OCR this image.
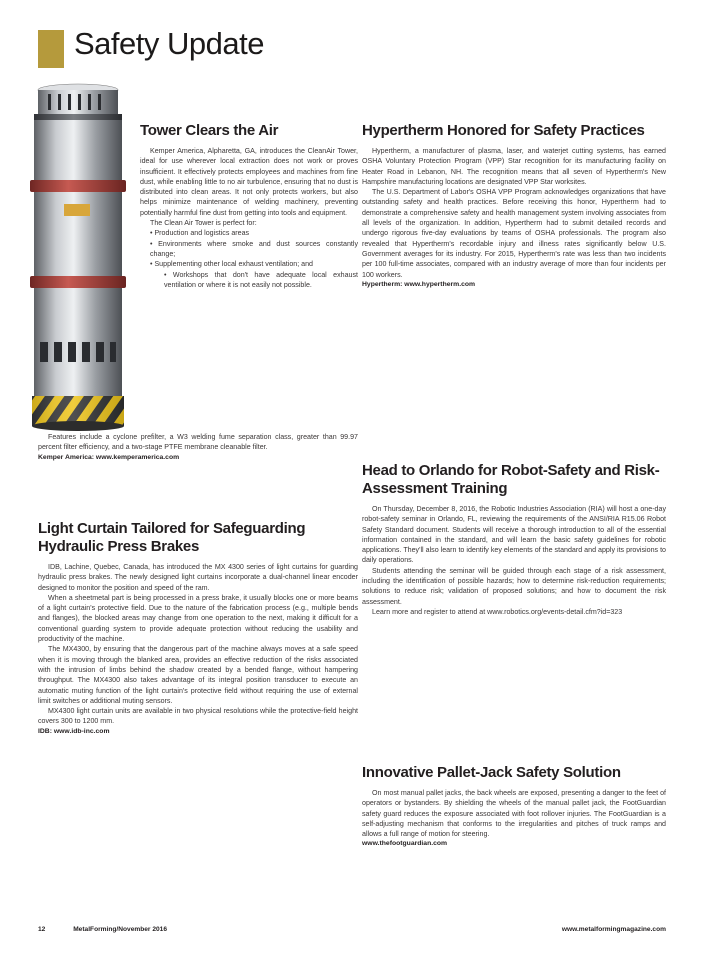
Safety Update
Tower Clears the Air

Kemper America, Alpharetta, GA, introduces the CleanAir Tower, ideal for use wherever local extraction does not work or proves insufficient. It effectively protects employees and machines from fine dust, while enabling little to no air turbulence, ensuring that no dust is distributed into clean areas. It not only protects workers, but also helps minimize maintenance of welding machinery, preventing potentially harmful fine dust from getting into tools and equipment.

The Clean Air Tower is perfect for:

• Production and logistics areas

• Environments where smoke and dust sources constantly change;

• Supplementing other local exhaust ventilation; and

• Workshops that don't have adequate local exhaust ventilation or where it is not easily not possible.

Features include a cyclone prefilter, a W3 welding fume separation class, greater than 99.97 percent filter efficiency, and a two-stage PTFE membrane cleanable filter.

Kemper America: www.kemperamerica.com

Light Curtain Tailored for Safeguarding Hydraulic Press Brakes

IDB, Lachine, Quebec, Canada, has introduced the MX 4300 series of light curtains for guarding hydraulic press brakes. The newly designed light curtains incorporate a dual-channel linear encoder designed to monitor the position and speed of the ram.

When a sheetmetal part is being processed in a press brake, it usually blocks one or more beams of a light curtain's protective field. Due to the nature of the fabrication process (e.g., multiple bends and flanges), the blocked areas may change from one operation to the next, making it difficult for a conventional guarding system to provide adequate protection without reducing the usability and productivity of the machine.

The MX4300, by ensuring that the dangerous part of the machine always moves at a safe speed when it is moving through the blanked area, provides an effective reduction of the risks associated with the intrusion of limbs behind the shadow created by a bended flange, without hampering throughput. The MX4300 also takes advantage of its integral position transducer to execute an automatic muting function of the light curtain's protective field without requiring the use of external limit switches or additional muting sensors.

MX4300 light curtain units are available in two physical resolutions while the protective-field height covers 300 to 1200 mm.

IDB: www.idb-inc.com

Hypertherm Honored for Safety Practices

Hypertherm, a manufacturer of plasma, laser, and waterjet cutting systems, has earned OSHA Voluntary Protection Program (VPP) Star recognition for its manufacturing facility on Heater Road in Lebanon, NH. The recognition means that all seven of Hypertherm's New Hampshire manufacturing locations are designated VPP Star worksites.

The U.S. Department of Labor's OSHA VPP Program acknowledges organizations that have outstanding safety and health practices. Before receiving this honor, Hypertherm had to demonstrate a comprehensive safety and health management system involving associates from all levels of the organization. In addition, Hypertherm had to submit detailed records and undergo rigorous five-day evaluations by teams of OSHA professionals. The program also revealed that Hypertherm's recordable injury and illness rates significantly below U.S. Government averages for its industry. For 2015, Hypertherm's rate was less than two incidents per 100 full-time associates, compared with an industry average of more than four incidents per 100 workers.

Hypertherm: www.hypertherm.com

Head to Orlando for Robot-Safety and Risk-Assessment Training

On Thursday, December 8, 2016, the Robotic Industries Association (RIA) will host a one-day robot-safety seminar in Orlando, FL, reviewing the requirements of the ANSI/RIA R15.06 Robot Safety Standard document. Students will receive a thorough introduction to all of the essential information contained in the standard, and will learn the basic safety guidelines for robotic applications. They'll also learn to identify key elements of the standard and apply its provisions to daily operations.

Students attending the seminar will be guided through each stage of a risk assessment, including the identification of possible hazards; how to determine risk-reduction requirements; solutions to reduce risk; validation of proposed solutions; and how to document the risk assessment.

Learn more and register to attend at www.robotics.org/events-detail.cfm?id=323

Innovative Pallet-Jack Safety Solution

On most manual pallet jacks, the back wheels are exposed, presenting a danger to the feet of operators or bystanders. By shielding the wheels of the manual pallet jack, the FootGuardian safety guard reduces the exposure associated with foot rollover injuries. The FootGuardian is a self-adjusting mechanism that conforms to the irregularities and pitches of truck ramps and allows a full range of motion for steering.

www.thefootguardian.com

12	MetalForming/November 2016	www.metalformingmagazine.com
